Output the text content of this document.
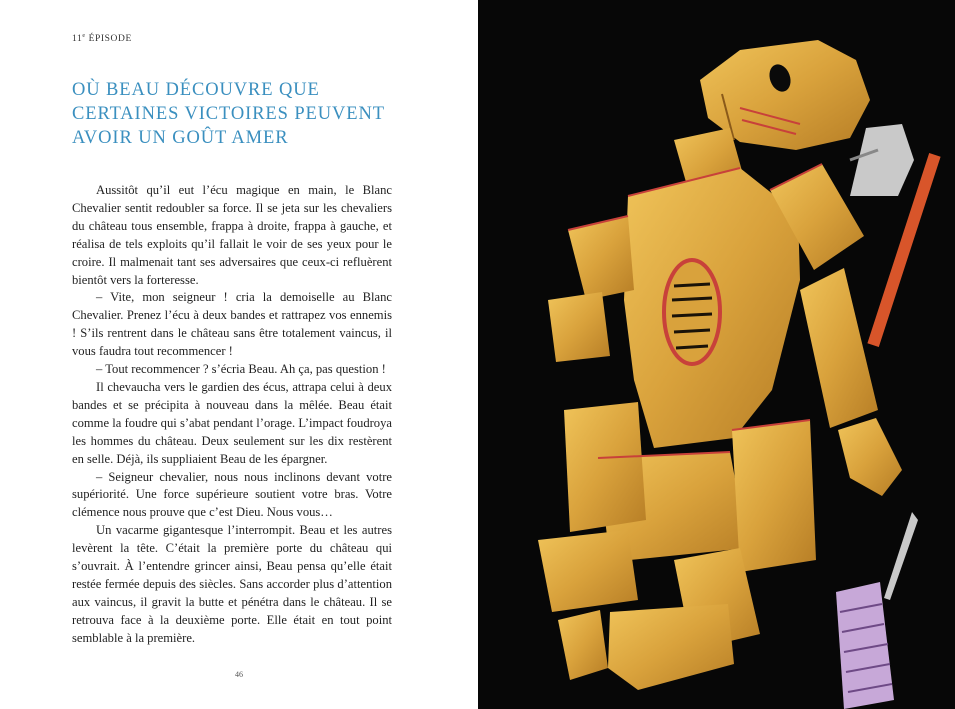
11e ÉPISODE
OÙ BEAU DÉCOUVRE QUE
CERTAINES VICTOIRES PEUVENT
AVOIR UN GOÛT AMER

Aussitôt qu’il eut l’écu magique en main, le Blanc Chevalier sentit redoubler sa force. Il se jeta sur les chevaliers du château tous ensemble, frappa à droite, frappa à gauche, et réalisa de tels exploits qu’il fallait le voir de ses yeux pour le croire. Il malmenait tant ses adversaires que ceux-ci refluèrent bientôt vers la forteresse.

– Vite, mon seigneur ! cria la demoiselle au Blanc Chevalier. Prenez l’écu à deux bandes et rattrapez vos ennemis ! S’ils rentrent dans le château sans être totalement vaincus, il vous faudra tout recommencer !

– Tout recommencer ? s’écria Beau. Ah ça, pas question !

Il chevaucha vers le gardien des écus, attrapa celui à deux bandes et se précipita à nouveau dans la mêlée. Beau était comme la foudre qui s’abat pendant l’orage. L’impact foudroya les hommes du château. Deux seulement sur les dix restèrent en selle. Déjà, ils suppliaient Beau de les épargner.

– Seigneur chevalier, nous nous inclinons devant votre supériorité. Une force supérieure soutient votre bras. Votre clémence nous prouve que c’est Dieu. Nous vous…

Un vacarme gigantesque l’interrompit. Beau et les autres levèrent la tête. C’était la première porte du château qui s’ouvrait. À l’entendre grincer ainsi, Beau pensa qu’elle était restée fermée depuis des siècles. Sans accorder plus d’attention aux vaincus, il gravit la butte et pénétra dans le château. Il se retrouva face à la deuxième porte. Elle était en tout point semblable à la première.

46
